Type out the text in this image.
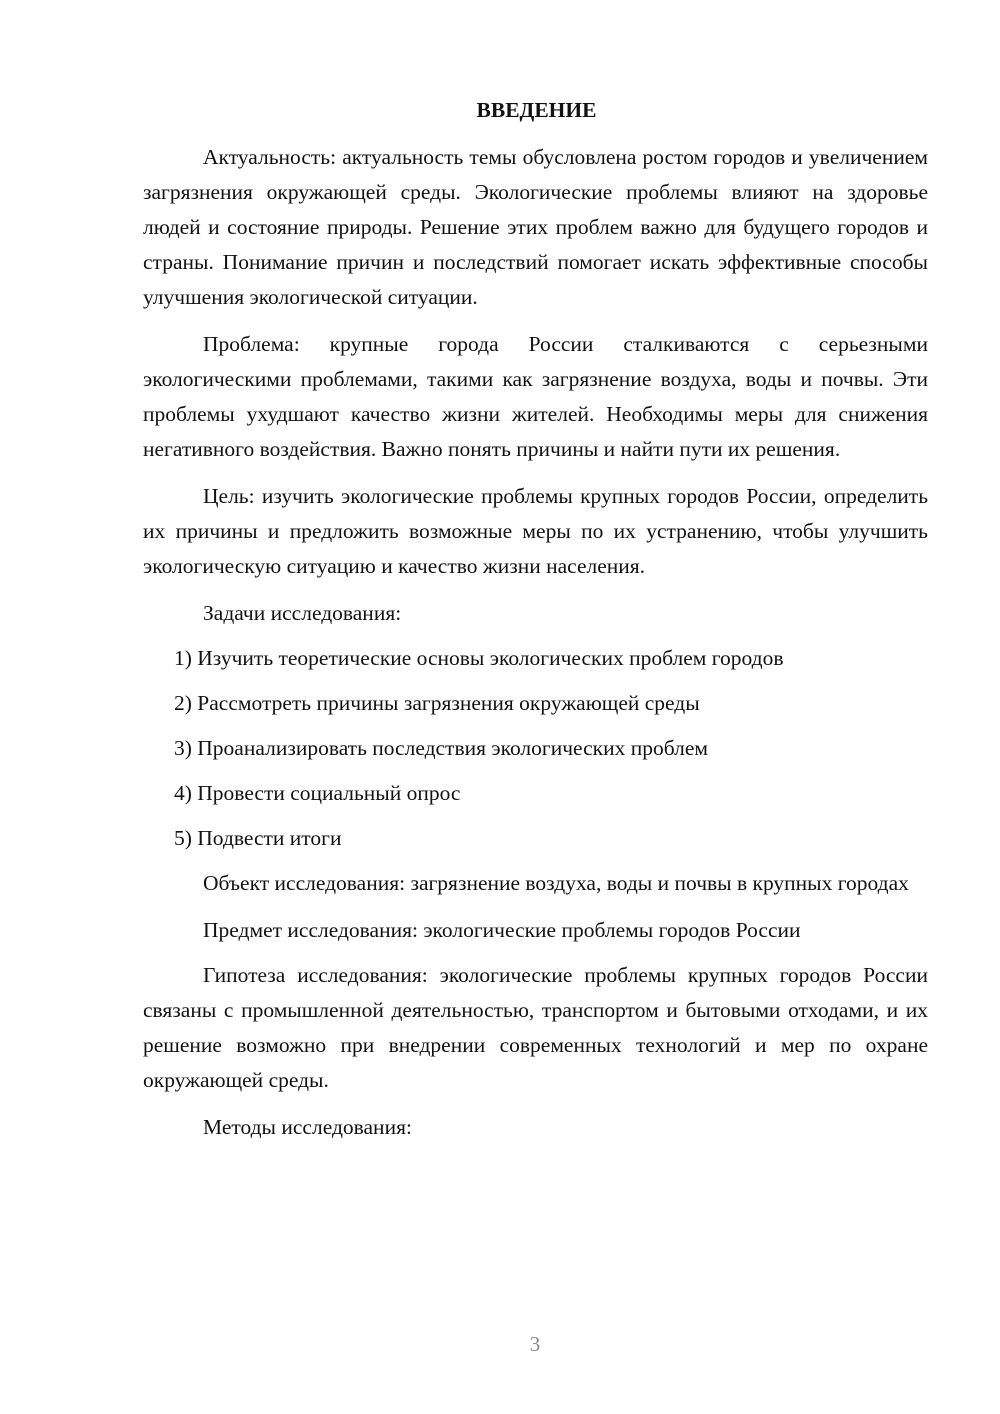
ВВЕДЕНИЕ

Актуальность: актуальность темы обусловлена ростом городов и увеличением загрязнения окружающей среды. Экологические проблемы влияют на здоровье людей и состояние природы. Решение этих проблем важно для будущего городов и страны. Понимание причин и последствий помогает искать эффективные способы улучшения экологической ситуации.

Проблема: крупные города России сталкиваются с серьезными экологическими проблемами, такими как загрязнение воздуха, воды и почвы. Эти проблемы ухудшают качество жизни жителей. Необходимы меры для снижения негативного воздействия. Важно понять причины и найти пути их решения.

Цель: изучить экологические проблемы крупных городов России, определить их причины и предложить возможные меры по их устранению, чтобы улучшить экологическую ситуацию и качество жизни населения.

Задачи исследования:

1) Изучить теоретические основы экологических проблем городов
2) Рассмотреть причины загрязнения окружающей среды
3) Проанализировать последствия экологических проблем
4) Провести социальный опрос
5) Подвести итоги

Объект исследования: загрязнение воздуха, воды и почвы в крупных городах

Предмет исследования: экологические проблемы городов России

Гипотеза исследования: экологические проблемы крупных городов России связаны с промышленной деятельностью, транспортом и бытовыми отходами, и их решение возможно при внедрении современных технологий и мер по охране окружающей среды.

Методы исследования:

3
